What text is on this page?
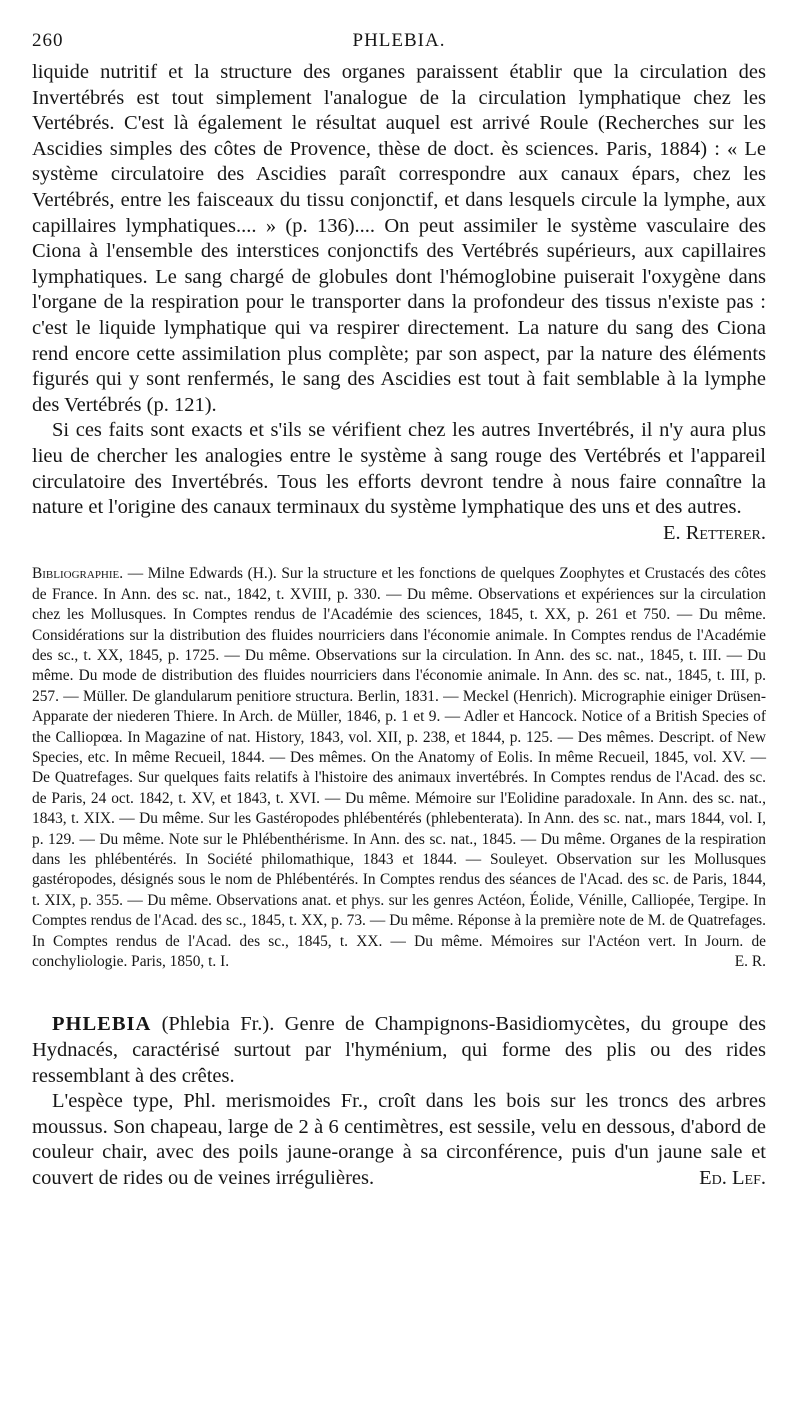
260	PHLEBIA.

liquide nutritif et la structure des organes paraissent établir que la circulation des Invertébrés est tout simplement l'analogue de la circulation lymphatique chez les Vertébrés. C'est là également le résultat auquel est arrivé Roule (Recherches sur les Ascidies simples des côtes de Provence, thèse de doct. ès sciences. Paris, 1884) : « Le système circulatoire des Ascidies paraît correspondre aux canaux épars, chez les Vertébrés, entre les faisceaux du tissu conjonctif, et dans lesquels circule la lymphe, aux capillaires lymphatiques.... » (p. 136).... On peut assimiler le système vasculaire des Ciona à l'ensemble des interstices conjonctifs des Vertébrés supérieurs, aux capillaires lymphatiques. Le sang chargé de globules dont l'hémoglobine puiserait l'oxygène dans l'organe de la respiration pour le transporter dans la profondeur des tissus n'existe pas : c'est le liquide lymphatique qui va respirer directement. La nature du sang des Ciona rend encore cette assimilation plus complète; par son aspect, par la nature des éléments figurés qui y sont renfermés, le sang des Ascidies est tout à fait semblable à la lymphe des Vertébrés (p. 121).

Si ces faits sont exacts et s'ils se vérifient chez les autres Invertébrés, il n'y aura plus lieu de chercher les analogies entre le système à sang rouge des Vertébrés et l'appareil circulatoire des Invertébrés. Tous les efforts devront tendre à nous faire connaître la nature et l'origine des canaux terminaux du système lymphatique des uns et des autres.
E. Retterer.

Bibliographie. — Milne Edwards (H.). Sur la structure et les fonctions de quelques Zoophytes et Crustacés des côtes de France. In Ann. des sc. nat., 1842, t. XVIII, p. 330. — Du même. Observations et expériences sur la circulation chez les Mollusques. In Comptes rendus de l'Académie des sciences, 1845, t. XX, p. 261 et 750. — Du même. Considérations sur la distribution des fluides nourriciers dans l'économie animale. In Comptes rendus de l'Académie des sc., t. XX, 1845, p. 1725. — Du même. Observations sur la circulation. In Ann. des sc. nat., 1845, t. III. — Du même. Du mode de distribution des fluides nourriciers dans l'économie animale. In Ann. des sc. nat., 1845, t. III, p. 257. — Müller. De glandularum penitiore structura. Berlin, 1831. — Meckel (Henrich). Micrographie einiger Drüsen-Apparate der niederen Thiere. In Arch. de Müller, 1846, p. 1 et 9. — Adler et Hancock. Notice of a British Species of the Calliopœa. In Magazine of nat. History, 1843, vol. XII, p. 238, et 1844, p. 125. — Des mêmes. Descript. of New Species, etc. In même Recueil, 1844. — Des mêmes. On the Anatomy of Eolis. In même Recueil, 1845, vol. XV. — De Quatrefages. Sur quelques faits relatifs à l'histoire des animaux invertébrés. In Comptes rendus de l'Acad. des sc. de Paris, 24 oct. 1842, t. XV, et 1843, t. XVI. — Du même. Mémoire sur l'Eolidine paradoxale. In Ann. des sc. nat., 1843, t. XIX. — Du même. Sur les Gastéropodes phlébentérés (phlebenterata). In Ann. des sc. nat., mars 1844, vol. I, p. 129. — Du même. Note sur le Phlébenthérisme. In Ann. des sc. nat., 1845. — Du même. Organes de la respiration dans les phlébentérés. In Société philomathique, 1843 et 1844. — Souleyet. Observation sur les Mollusques gastéropodes, désignés sous le nom de Phlébentérés. In Comptes rendus des séances de l'Acad. des sc. de Paris, 1844, t. XIX, p. 355. — Du même. Observations anat. et phys. sur les genres Actéon, Éolide, Vénille, Calliopée, Tergipe. In Comptes rendus de l'Acad. des sc., 1845, t. XX, p. 73. — Du même. Réponse à la première note de M. de Quatrefages. In Comptes rendus de l'Acad. des sc., 1845, t. XX. — Du même. Mémoires sur l'Actéon vert. In Journ. de conchyliologie. Paris, 1850, t. I.	E. R.

PHLEBIA (Phlebia Fr.). Genre de Champignons-Basidiomycètes, du groupe des Hydnacés, caractérisé surtout par l'hyménium, qui forme des plis ou des rides ressemblant à des crêtes.

L'espèce type, Phl. merismoides Fr., croît dans les bois sur les troncs des arbres moussus. Son chapeau, large de 2 à 6 centimètres, est sessile, velu en dessous, d'abord de couleur chair, avec des poils jaune-orange à sa circonférence, puis d'un jaune sale et couvert de rides ou de veines irrégulières.	Ed. Lef.
